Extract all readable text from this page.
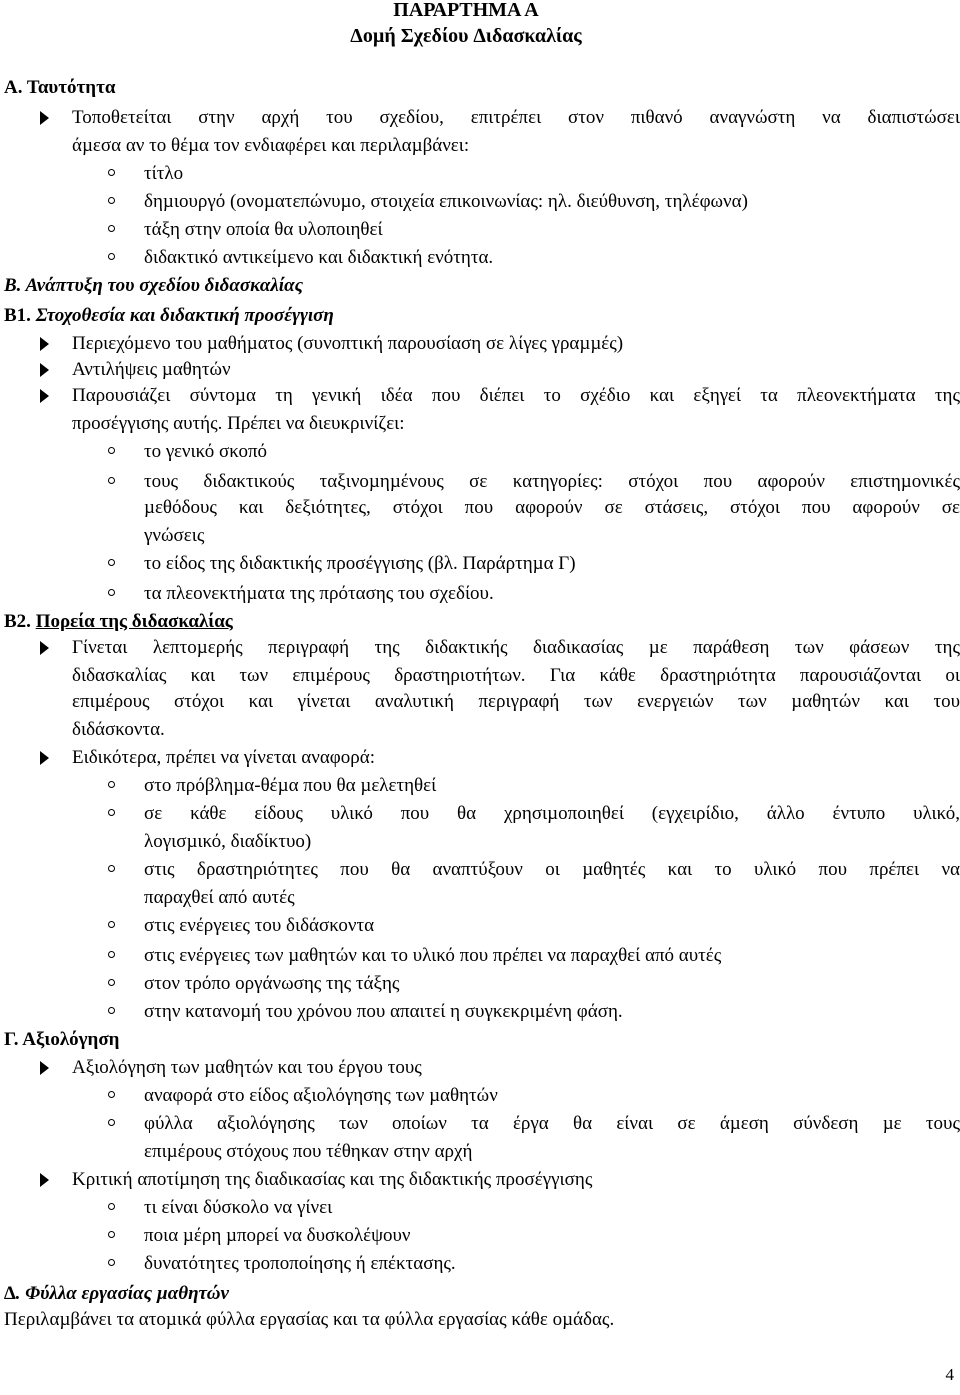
ΠΑΡΑΡΤΗΜΑ Α
Δοµή Σχεδίου ∆ιδασκαλίας
Α. Ταυτότητα
Τοποθετείται στην αρχή του σχεδίου, επιτρέπει στον πιθανό αναγνώστη να διαπιστώσει
άµεσα αν το θέµα τον ενδιαφέρει και περιλαµβάνει:
τίτλο
δηµιουργό (ονοµατεπώνυµο, στοιχεία επικοινωνίας: ηλ. διεύθυνση, τηλέφωνα)
τάξη στην οποία θα υλοποιηθεί
διδακτικό αντικείµενο και διδακτική ενότητα.
Β. Ανάπτυξη του σχεδίου διδασκαλίας
Β1. Στοχοθεσία και διδακτική προσέγγιση
Περιεχόµενο του µαθήµατος (συνοπτική παρουσίαση σε λίγες γραµµές)
Αντιλήψεις µαθητών
Παρουσιάζει σύντοµα τη γενική ιδέα που διέπει το σχέδιο και εξηγεί τα πλεονεκτήµατα της
προσέγγισης αυτής. Πρέπει να διευκρινίζει:
το γενικό σκοπό
τους διδακτικούς ταξινοµηµένους σε κατηγορίες: στόχοι που αφορούν επιστηµονικές
µεθόδους και δεξιότητες, στόχοι που αφορούν σε στάσεις, στόχοι που αφορούν σε
γνώσεις
το είδος της διδακτικής προσέγγισης (βλ. Παράρτηµα Γ)
τα πλεονεκτήµατα της πρότασης του σχεδίου.
Β2. Πορεία της διδασκαλίας
Γίνεται λεπτοµερής περιγραφή της διδακτικής διαδικασίας µε παράθεση των φάσεων της
διδασκαλίας και των επιµέρους δραστηριοτήτων. Για κάθε δραστηριότητα παρουσιάζονται οι
επιµέρους στόχοι και γίνεται αναλυτική περιγραφή των ενεργειών των µαθητών και του
διδάσκοντα.
Ειδικότερα, πρέπει να γίνεται αναφορά:
στο πρόβληµα-θέµα που θα µελετηθεί
σε κάθε είδους υλικό που θα χρησιµοποιηθεί (εγχειρίδιο, άλλο έντυπο υλικό,
λογισµικό, διαδίκτυο)
στις δραστηριότητες που θα αναπτύξουν οι µαθητές και το υλικό που πρέπει να
παραχθεί από αυτές
στις ενέργειες του διδάσκοντα
στις ενέργειες των µαθητών και το υλικό που πρέπει να παραχθεί από αυτές
στον τρόπο οργάνωσης της τάξης
στην κατανοµή του χρόνου που απαιτεί η συγκεκριµένη φάση.
Γ. Αξιολόγηση
Αξιολόγηση των µαθητών και του έργου τους
αναφορά στο είδος αξιολόγησης των µαθητών
φύλλα αξιολόγησης των οποίων τα έργα θα είναι σε άµεση σύνδεση µε τους
επιµέρους στόχους που τέθηκαν στην αρχή
Κριτική αποτίµηση της διαδικασίας και της διδακτικής προσέγγισης
τι είναι δύσκολο να γίνει
ποια µέρη µπορεί να δυσκολέψουν
δυνατότητες τροποποίησης ή επέκτασης.
∆. Φύλλα εργασίας µαθητών
Περιλαµβάνει τα ατοµικά φύλλα εργασίας και τα φύλλα εργασίας κάθε οµάδας.
4
